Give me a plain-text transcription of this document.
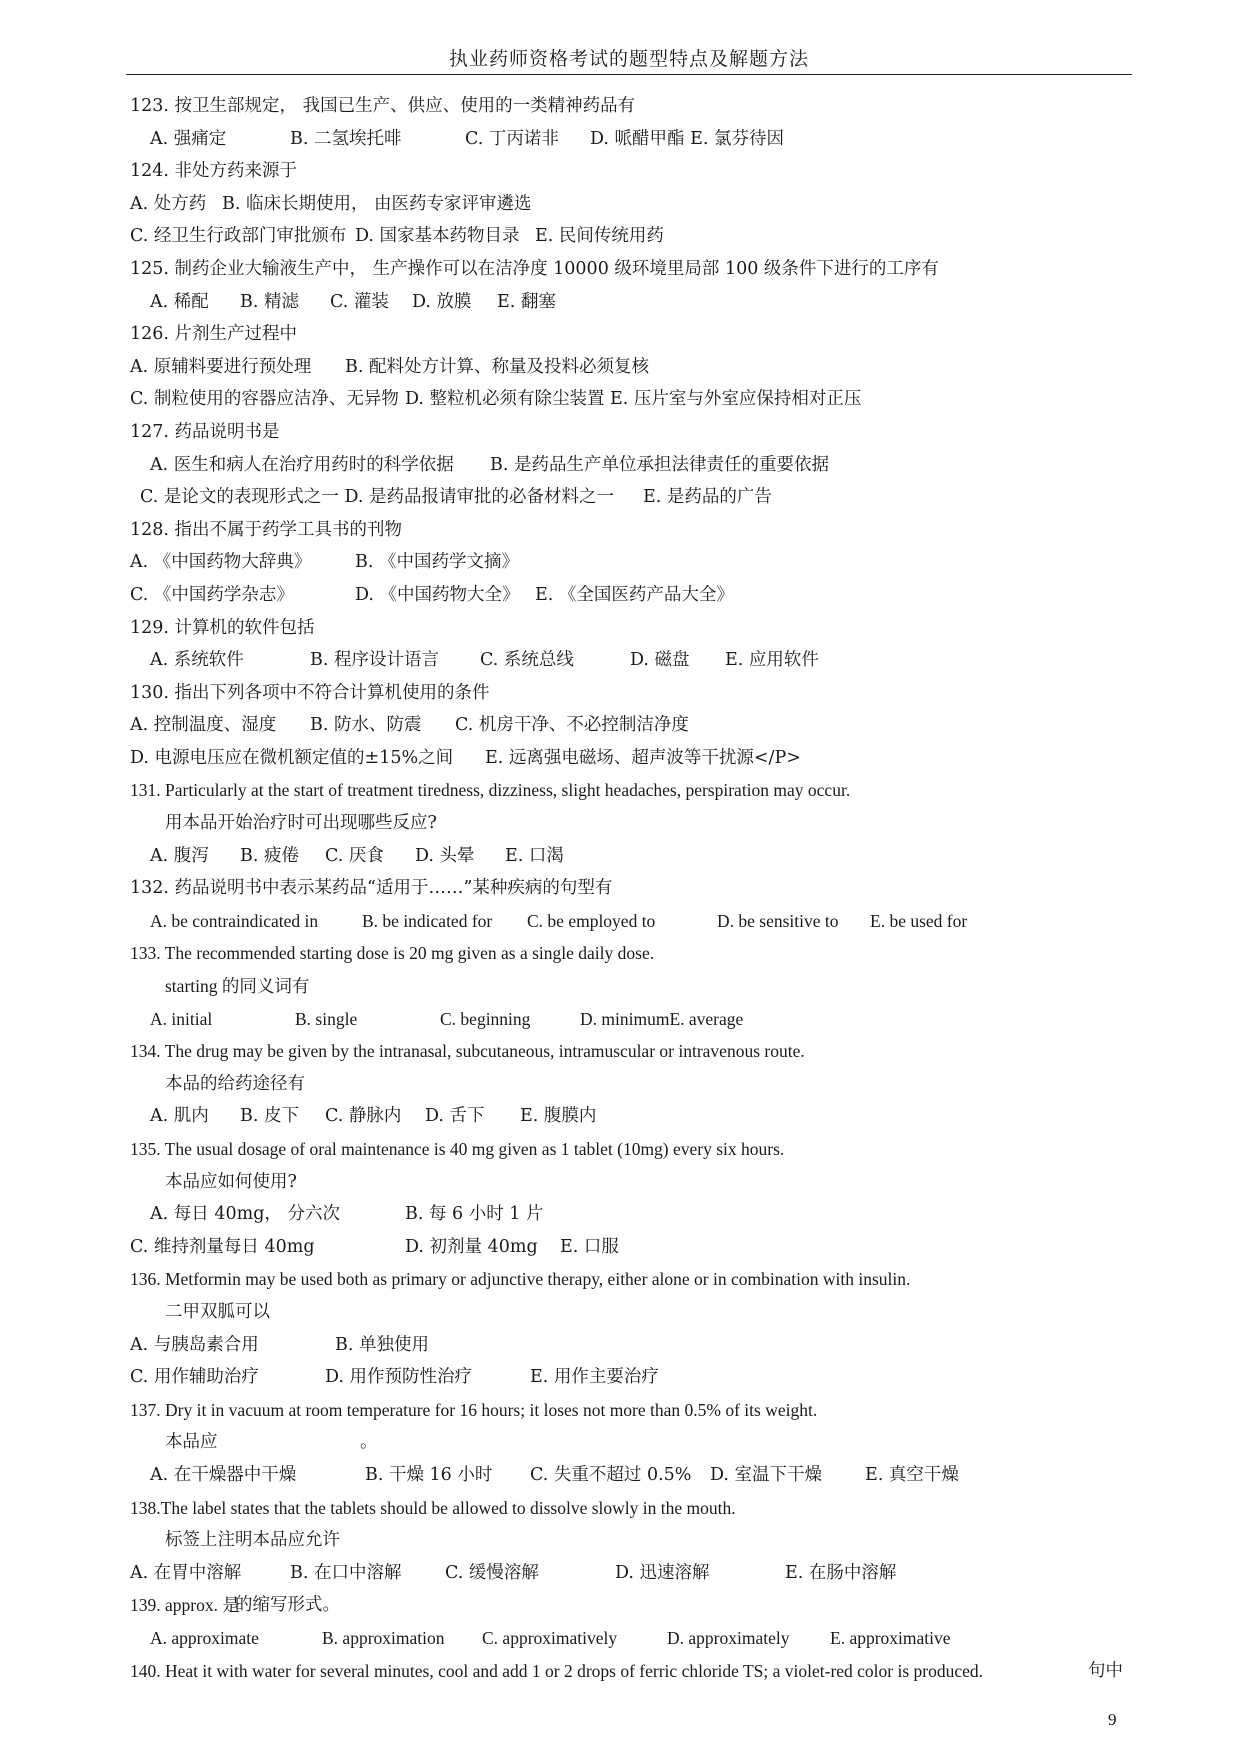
执业药师资格考试的题型特点及解题方法
123. 按卫生部规定， 我国已生产、供应、使用的一类精神药品有
A. 强痛定	B. 二氢埃托啡	C. 丁丙诺非 D. 哌醋甲酯 E. 氯芬待因
124. 非处方药来源于
A. 处方药 B. 临床长期使用， 由医药专家评审遴选
C. 经卫生行政部门审批颁布 D. 国家基本药物目录 E. 民间传统用药
125. 制药企业大输液生产中， 生产操作可以在洁净度 10000 级环境里局部 100 级条件下进行的工序有
A. 稀配 B. 精滤 C. 灌装 D. 放膜 E. 翻塞
126. 片剂生产过程中
A. 原辅料要进行预处理 B. 配料处方计算、称量及投料必须复核
C. 制粒使用的容器应洁净、无异物 D. 整粒机必须有除尘装置 E. 压片室与外室应保持相对正压
127. 药品说明书是
A. 医生和病人在治疗用药时的科学依据 B. 是药品生产单位承担法律责任的重要依据
C. 是论文的表现形式之一 D. 是药品报请审批的必备材料之一 E. 是药品的广告
128. 指出不属于药学工具书的刊物
A. 《中国药物大辞典》 B. 《中国药学文摘》
C. 《中国药学杂志》	D. 《中国药物大全》 E. 《全国医药产品大全》
129. 计算机的软件包括
A. 系统软件	B. 程序设计语言 C. 系统总线	D. 磁盘 E. 应用软件
130. 指出下列各项中不符合计算机使用的条件
A. 控制温度、湿度 B. 防水、防震 C. 机房干净、不必控制洁净度
D. 电源电压应在微机额定值的±15%之间 E. 远离强电磁场、超声波等干扰源</P>
131. Particularly at the start of treatment tiredness, dizziness, slight headaches, perspiration may occur.
用本品开始治疗时可出现哪些反应?
A. 腹泻 B. 疲倦 C. 厌食 D. 头晕 E. 口渴
132. 药品说明书中表示某药品“适用于……”某种疾病的句型有
A. be contraindicated in	B. be indicated for C. be employed to	D. be sensitive to E. be used for
133. The recommended starting dose is 20 mg given as a single daily dose.
starting 的同义词有
A. initial	B. single	C. beginning	D. minimumE. average
134. The drug may be given by the intranasal, subcutaneous, intramuscular or intravenous route.
本品的给药途径有
A. 肌内 B. 皮下 C. 静脉内 D. 舌下 E. 腹膜内
135. The usual dosage of oral maintenance is 40 mg given as 1 tablet (10mg) every six hours.
本品应如何使用?
A. 每日 40mg， 分六次	B. 每 6 小时 1 片
C. 维持剂量每日 40mg	D. 初剂量 40mg E. 口服
136. Metformin may be used both as primary or adjunctive therapy, either alone or in combination with insulin.
二甲双胍可以
A. 与胰岛素合用	B. 单独使用
C. 用作辅助治疗	D. 用作预防性治疗	E. 用作主要治疗
137. Dry it in vacuum at room temperature for 16 hours; it loses not more than 0.5% of its weight.
本品应	。
A. 在干燥器中干燥	B. 干燥 16 小时 C. 失重不超过 0.5% D. 室温下干燥 E. 真空干燥
138.The label states that the tablets should be allowed to dissolve slowly in the mouth.
标签上注明本品应允许
A. 在胃中溶解	B. 在口中溶解 C. 缓慢溶解	D. 迅速溶解	E. 在肠中溶解
139. approx. 是
的缩写形式。
A. approximate	B. approximation C. approximatively	D. approximately E. approximative
140. Heat it with water for several minutes, cool and add 1 or 2 drops of ferric chloride TS; a violet-red color is produced.	句中
9
